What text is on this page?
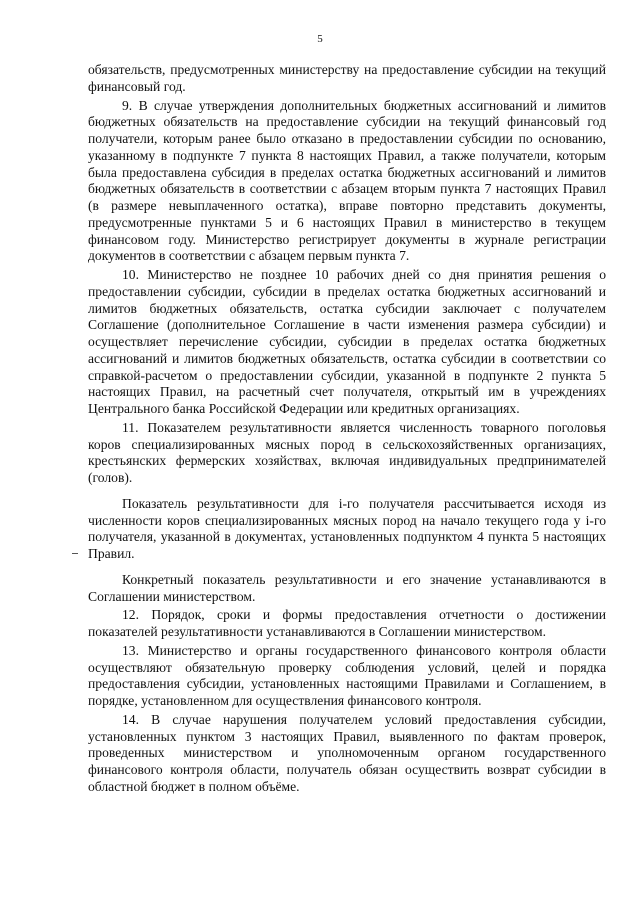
5

обязательств, предусмотренных министерству на предоставление субсидии на текущий финансовый год.

9. В случае утверждения дополнительных бюджетных ассигнований и лимитов бюджетных обязательств на предоставление субсидии на текущий финансовый год получатели, которым ранее было отказано в предоставлении субсидии по основанию, указанному в подпункте 7 пункта 8 настоящих Правил, а также получатели, которым была предоставлена субсидия в пределах остатка бюджетных ассигнований и лимитов бюджетных обязательств в соответствии с абзацем вторым пункта 7 настоящих Правил (в размере невыплаченного остатка), вправе повторно представить документы, предусмотренные пунктами 5 и 6 настоящих Правил в министерство в текущем финансовом году. Министерство регистрирует документы в журнале регистрации документов в соответствии с абзацем первым пункта 7.

10. Министерство не позднее 10 рабочих дней со дня принятия решения о предоставлении субсидии, субсидии в пределах остатка бюджетных ассигнований и лимитов бюджетных обязательств, остатка субсидии заключает с получателем Соглашение (дополнительное Соглашение в части изменения размера субсидии) и осуществляет перечисление субсидии, субсидии в пределах остатка бюджетных ассигнований и лимитов бюджетных обязательств, остатка субсидии в соответствии со справкой-расчетом о предоставлении субсидии, указанной в подпункте 2 пункта 5 настоящих Правил, на расчетный счет получателя, открытый им в учреждениях Центрального банка Российской Федерации или кредитных организациях.

11. Показателем результативности является численность товарного поголовья коров специализированных мясных пород в сельскохозяйственных организациях, крестьянских фермерских хозяйствах, включая индивидуальных предпринимателей (голов).

Показатель результативности для i-го получателя рассчитывается исходя из численности коров специализированных мясных пород на начало текущего года у i-го получателя, указанной в документах, установленных подпунктом 4 пункта 5 настоящих Правил.

Конкретный показатель результативности и его значение устанавливаются в Соглашении министерством.

12. Порядок, сроки и формы предоставления отчетности о достижении показателей результативности устанавливаются в Соглашении министерством.

13. Министерство и органы государственного финансового контроля области осуществляют обязательную проверку соблюдения условий, целей и порядка предоставления субсидии, установленных настоящими Правилами и Соглашением, в порядке, установленном для осуществления финансового контроля.

14. В случае нарушения получателем условий предоставления субсидии, установленных пунктом 3 настоящих Правил, выявленного по фактам проверок, проведенных министерством и уполномоченным органом государственного финансового контроля области, получатель обязан осуществить возврат субсидии в областной бюджет в полном объёме.
